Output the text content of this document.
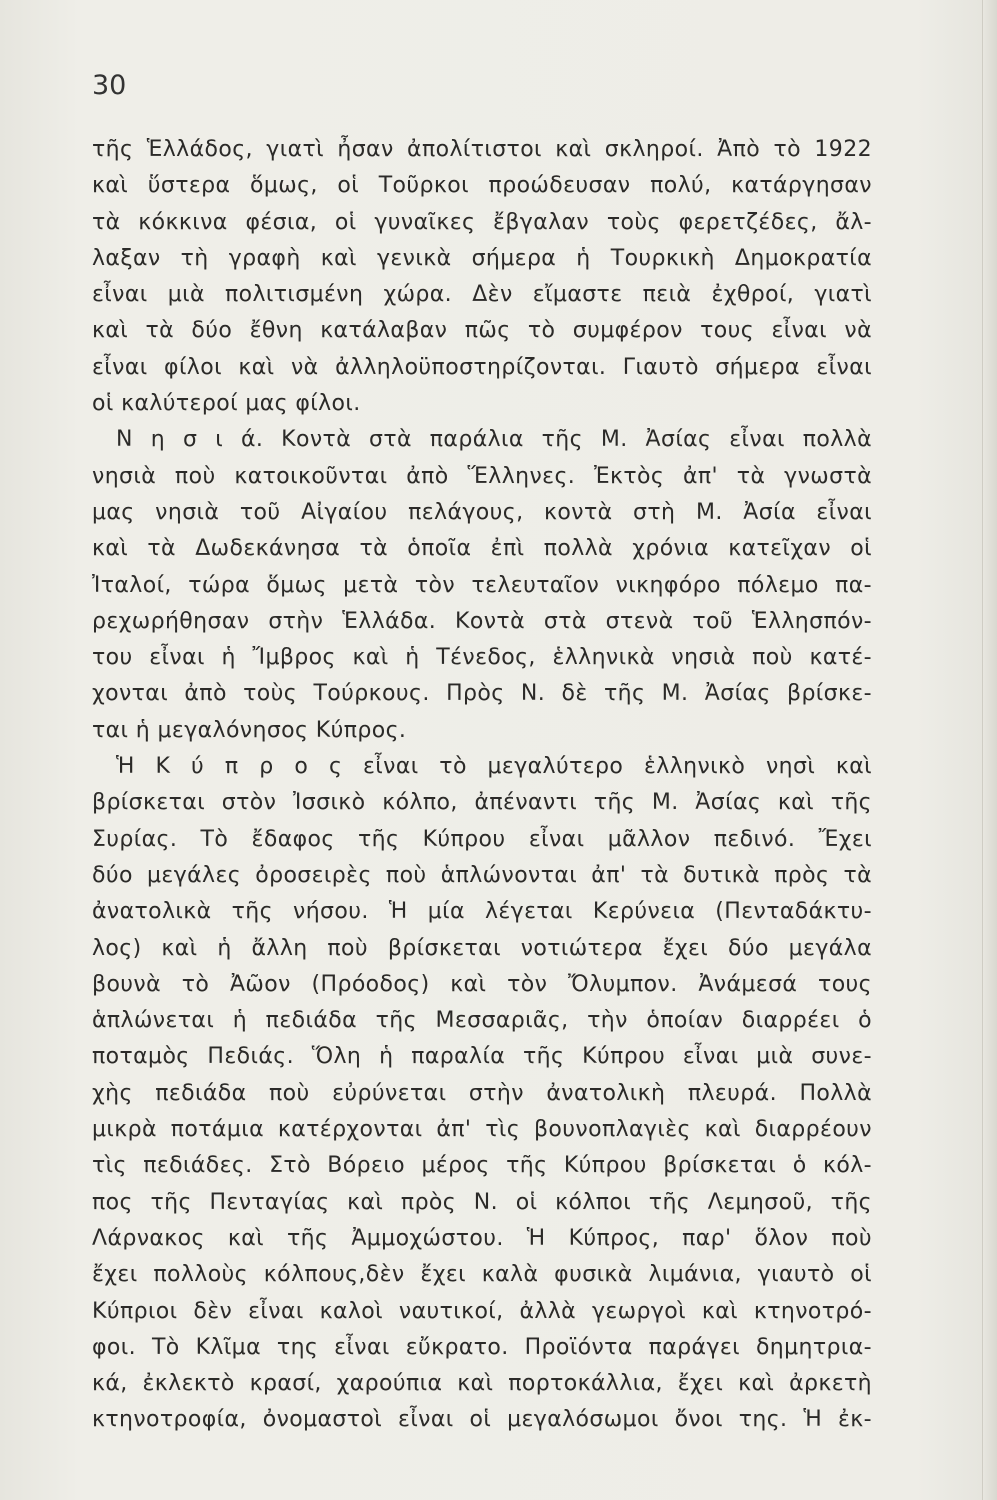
30
τῆς Ἑλλάδος, γιατὶ ἦσαν ἀπολίτιστοι καὶ σκληροί. Ἀπὸ τὸ 1922
καὶ ὕστερα ὅμως, οἱ Τοῦρκοι προώδευσαν πολύ, κατάργησαν
τὰ κόκκινα φέσια, οἱ γυναῖκες ἔβγαλαν τοὺς φερετζέδες, ἄλ-
λαξαν τὴ γραφὴ καὶ γενικὰ σήμερα ἡ Τουρκικὴ Δημοκρατία
εἶναι μιὰ πολιτισμένη χώρα. Δὲν εἴμαστε πειὰ ἐχθροί, γιατὶ
καὶ τὰ δύο ἔθνη κατάλαβαν πῶς τὸ συμφέρον τους εἶναι νὰ
εἶναι φίλοι καὶ νὰ ἀλληλοϋποστηρίζονται. Γιαυτὸ σήμερα εἶναι
οἱ καλύτεροί μας φίλοι.
Ν η σ ι ά. Κοντὰ στὰ παράλια τῆς Μ. Ἀσίας εἶναι πολλὰ
νησιὰ ποὺ κατοικοῦνται ἀπὸ Ἕλληνες. Ἐκτὸς ἀπ' τὰ γνωστὰ
μας νησιὰ τοῦ Αἰγαίου πελάγους, κοντὰ στὴ Μ. Ἀσία εἶναι
καὶ τὰ Δωδεκάνησα τὰ ὁποῖα ἐπὶ πολλὰ χρόνια κατεῖχαν οἱ
Ἰταλοί, τώρα ὅμως μετὰ τὸν τελευταῖον νικηφόρο πόλεμο πα-
ρεχωρήθησαν στὴν Ἑλλάδα. Κοντὰ στὰ στενὰ τοῦ Ἑλλησπόν-
του εἶναι ἡ Ἴμβρος καὶ ἡ Τένεδος, ἑλληνικὰ νησιὰ ποὺ κατέ-
χονται ἀπὸ τοὺς Τούρκους. Πρὸς Ν. δὲ τῆς Μ. Ἀσίας βρίσκε-
ται ἡ μεγαλόνησος Κύπρος.
Ἡ Κ ύ π ρ ο ς εἶναι τὸ μεγαλύτερο ἑλληνικὸ νησὶ καὶ
βρίσκεται στὸν Ἰσσικὸ κόλπο, ἀπέναντι τῆς Μ. Ἀσίας καὶ τῆς
Συρίας. Τὸ ἔδαφος τῆς Κύπρου εἶναι μᾶλλον πεδινό. Ἔχει
δύο μεγάλες ὀροσειρὲς ποὺ ἁπλώνονται ἀπ' τὰ δυτικὰ πρὸς τὰ
ἀνατολικὰ τῆς νήσου. Ἡ μία λέγεται Κερύνεια (Πενταδάκτυ-
λος) καὶ ἡ ἄλλη ποὺ βρίσκεται νοτιώτερα ἔχει δύο μεγάλα
βουνὰ τὸ Ἀῶον (Πρόοδος) καὶ τὸν Ὄλυμπον. Ἀνάμεσά τους
ἁπλώνεται ἡ πεδιάδα τῆς Μεσσαριᾶς, τὴν ὁποίαν διαρρέει ὁ
ποταμὸς Πεδιάς. Ὅλη ἡ παραλία τῆς Κύπρου εἶναι μιὰ συνε-
χὴς πεδιάδα ποὺ εὐρύνεται στὴν ἀνατολικὴ πλευρά. Πολλὰ
μικρὰ ποτάμια κατέρχονται ἀπ' τὶς βουνοπλαγιὲς καὶ διαρρέουν
τὶς πεδιάδες. Στὸ Βόρειο μέρος τῆς Κύπρου βρίσκεται ὁ κόλ-
πος τῆς Πενταγίας καὶ πρὸς Ν. οἱ κόλποι τῆς Λεμησοῦ, τῆς
Λάρνακος καὶ τῆς Ἀμμοχώστου. Ἡ Κύπρος, παρ' ὅλον ποὺ
ἔχει πολλοὺς κόλπους,δὲν ἔχει καλὰ φυσικὰ λιμάνια, γιαυτὸ οἱ
Κύπριοι δὲν εἶναι καλοὶ ναυτικοί, ἀλλὰ γεωργοὶ καὶ κτηνοτρό-
φοι. Τὸ Κλῖμα της εἶναι εὔκρατο. Προϊόντα παράγει δημητρια-
κά, ἐκλεκτὸ κρασί, χαρούπια καὶ πορτοκάλλια, ἔχει καὶ ἀρκετὴ
κτηνοτροφία, ὀνομαστοὶ εἶναι οἱ μεγαλόσωμοι ὄνοι της. Ἡ ἐκ-
